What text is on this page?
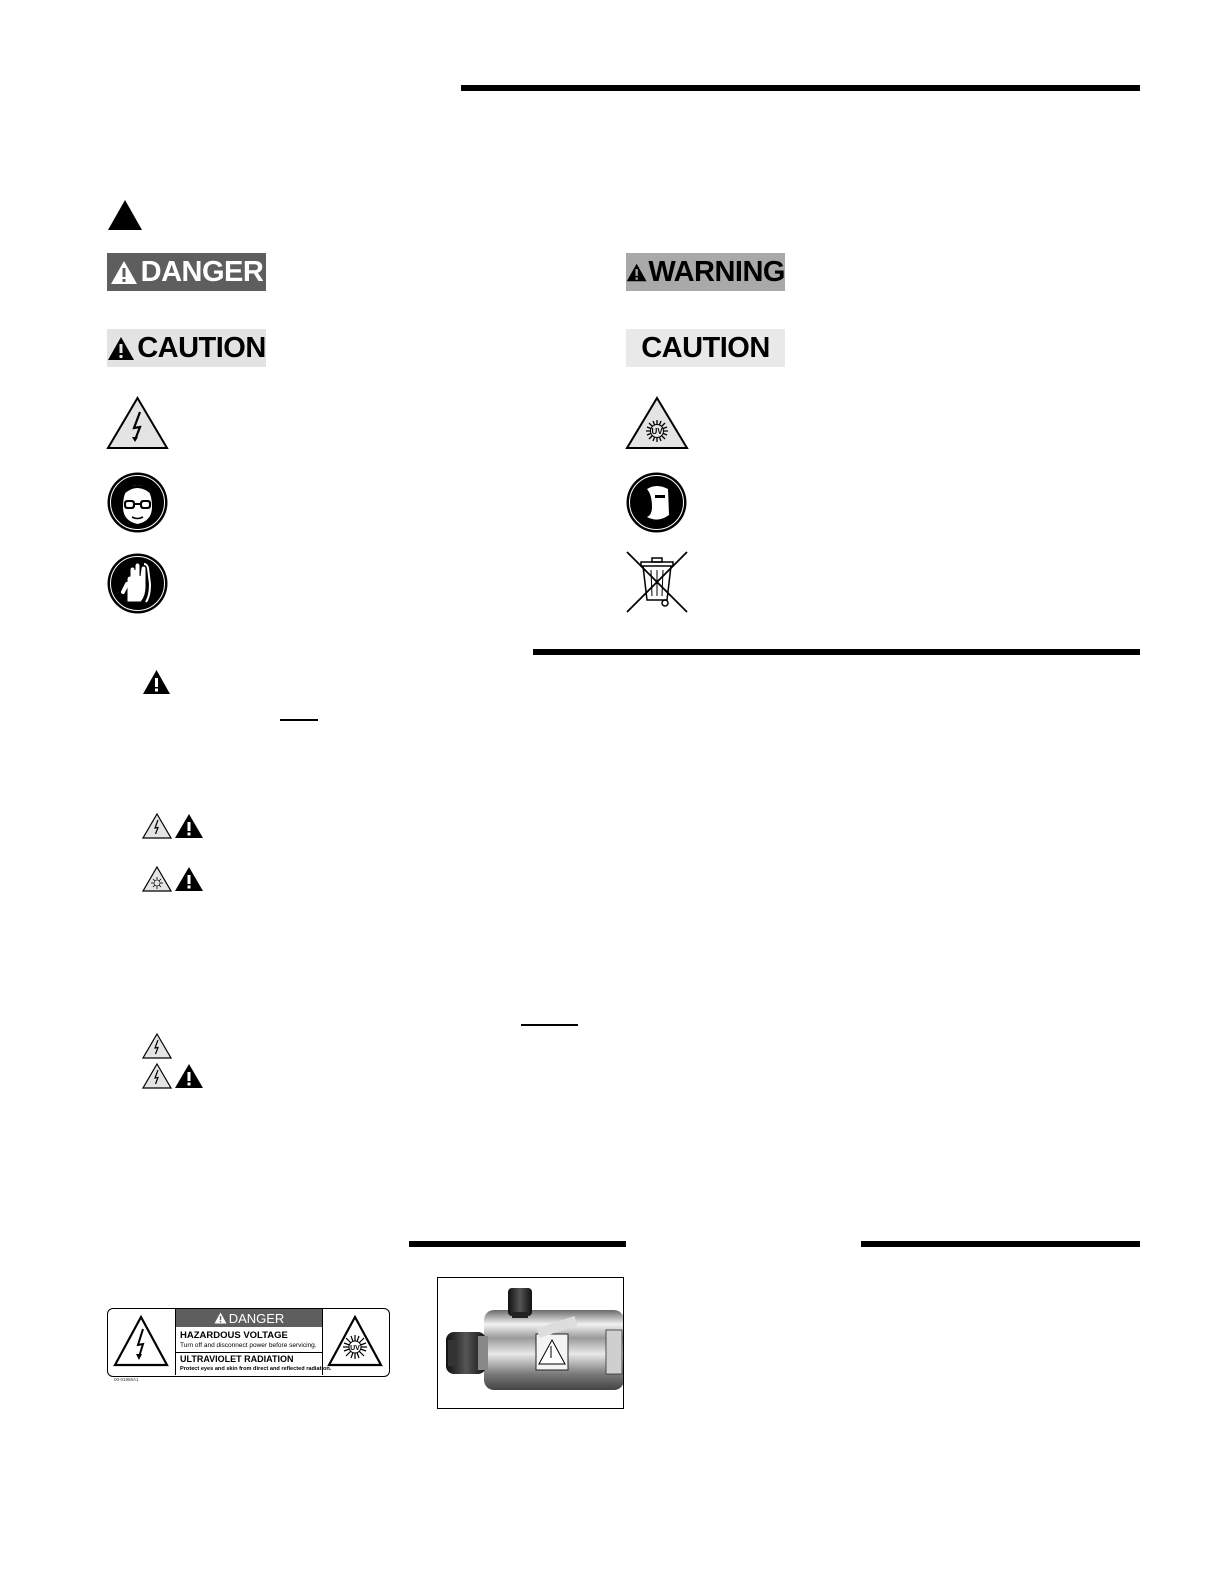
DANGER	WARNING
CAUTION	CAUTION
UV
DANGER
HAZARDOUS VOLTAGE
Turn off and disconnect power before servicing.
ULTRAVIOLET RADIATION
Protect eyes and skin from direct and reflected radiation.
UV
00-01956A1
